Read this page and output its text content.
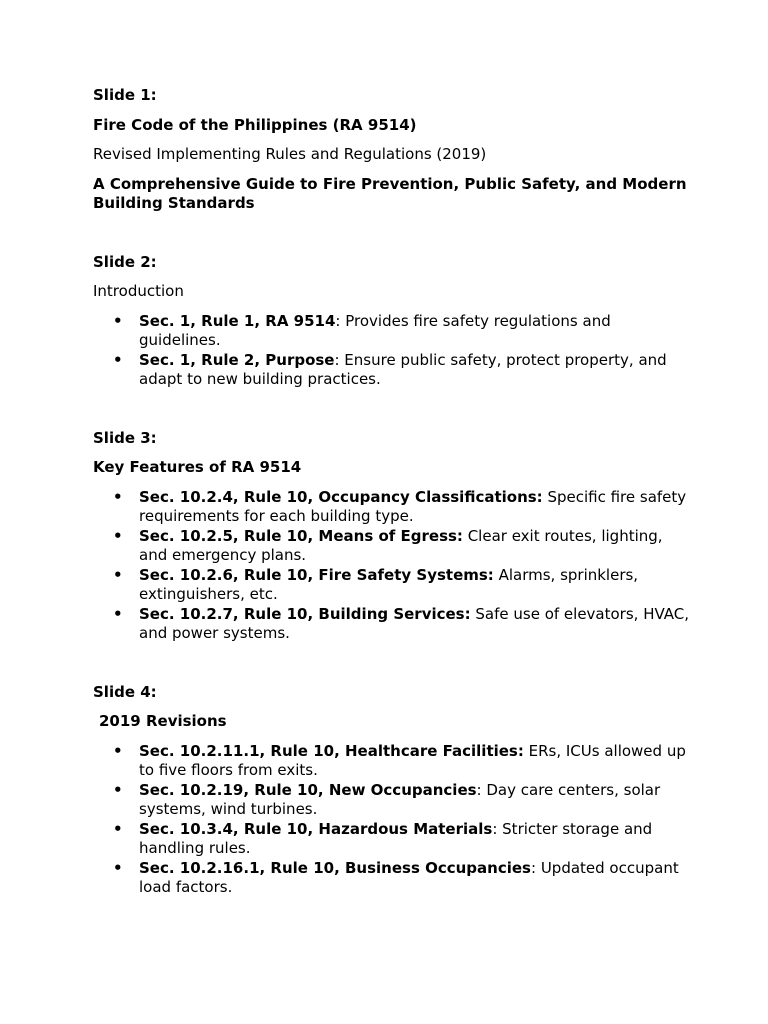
Slide 1:

Fire Code of the Philippines (RA 9514)

Revised Implementing Rules and Regulations (2019)

A Comprehensive Guide to Fire Prevention, Public Safety, and Modern Building Standards

Slide 2:

Introduction

• Sec. 1, Rule 1, RA 9514: Provides fire safety regulations and guidelines.
• Sec. 1, Rule 2, Purpose: Ensure public safety, protect property, and adapt to new building practices.

Slide 3:

Key Features of RA 9514

• Sec. 10.2.4, Rule 10, Occupancy Classifications: Specific fire safety requirements for each building type.
• Sec. 10.2.5, Rule 10, Means of Egress: Clear exit routes, lighting, and emergency plans.
• Sec. 10.2.6, Rule 10, Fire Safety Systems: Alarms, sprinklers, extinguishers, etc.
• Sec. 10.2.7, Rule 10, Building Services: Safe use of elevators, HVAC, and power systems.

Slide 4:

2019 Revisions

• Sec. 10.2.11.1, Rule 10, Healthcare Facilities: ERs, ICUs allowed up to five floors from exits.
• Sec. 10.2.19, Rule 10, New Occupancies: Day care centers, solar systems, wind turbines.
• Sec. 10.3.4, Rule 10, Hazardous Materials: Stricter storage and handling rules.
• Sec. 10.2.16.1, Rule 10, Business Occupancies: Updated occupant load factors.
